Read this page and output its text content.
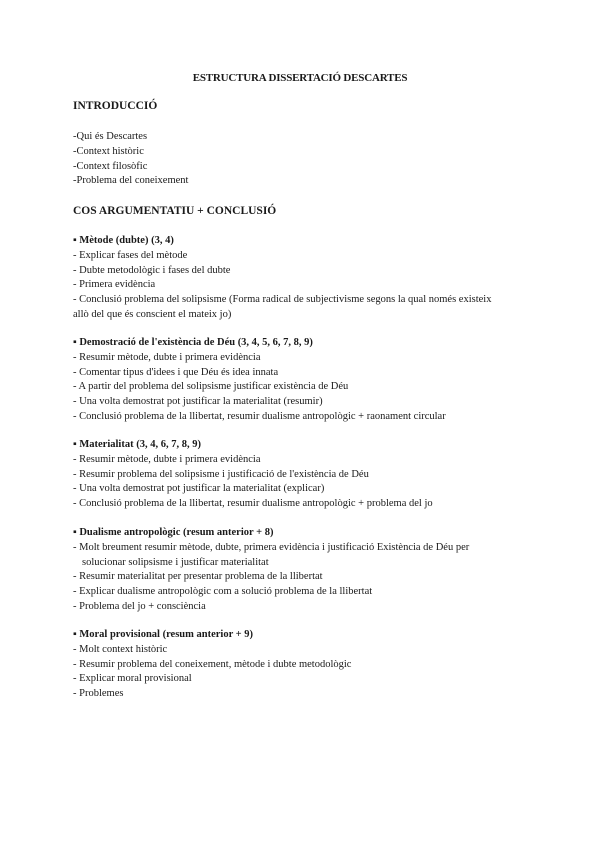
ESTRUCTURA DISSERTACIÓ DESCARTES
INTRODUCCIÓ
-Qui és Descartes
-Context històric
-Context filosòfic
-Problema del coneixement
COS ARGUMENTATIU + CONCLUSIÓ
▪ Mètode (dubte) (3, 4)
- Explicar fases del mètode
- Dubte metodològic i fases del dubte
- Primera evidència
- Conclusió problema del solipsisme (Forma radical de subjectivisme segons la qual només existeix
allò del que és conscient el mateix jo)
▪ Demostració de l'existència de Déu (3, 4, 5, 6, 7, 8, 9)
- Resumir mètode, dubte i primera evidència
- Comentar tipus d'idees i que Déu és idea innata
- A partir del problema del solipsisme justificar existència de Déu
- Una volta demostrat pot justificar la materialitat (resumir)
- Conclusió problema de la llibertat, resumir dualisme antropològic + raonament circular
▪ Materialitat (3, 4, 6, 7, 8, 9)
- Resumir mètode, dubte i primera evidència
- Resumir problema del solipsisme i justificació de l'existència de Déu
- Una volta demostrat pot justificar la materialitat (explicar)
- Conclusió problema de la llibertat, resumir dualisme antropològic + problema del jo
▪ Dualisme antropològic (resum anterior + 8)
- Molt breument resumir mètode, dubte, primera evidència i justificació Existència de Déu per
solucionar solipsisme i justificar materialitat
- Resumir materialitat per presentar problema de la llibertat
- Explicar dualisme antropològic com a solució problema de la llibertat
- Problema del jo + consciència
▪ Moral provisional (resum anterior + 9)
- Molt context històric
- Resumir problema del coneixement, mètode i dubte metodològic
- Explicar moral provisional
- Problemes
